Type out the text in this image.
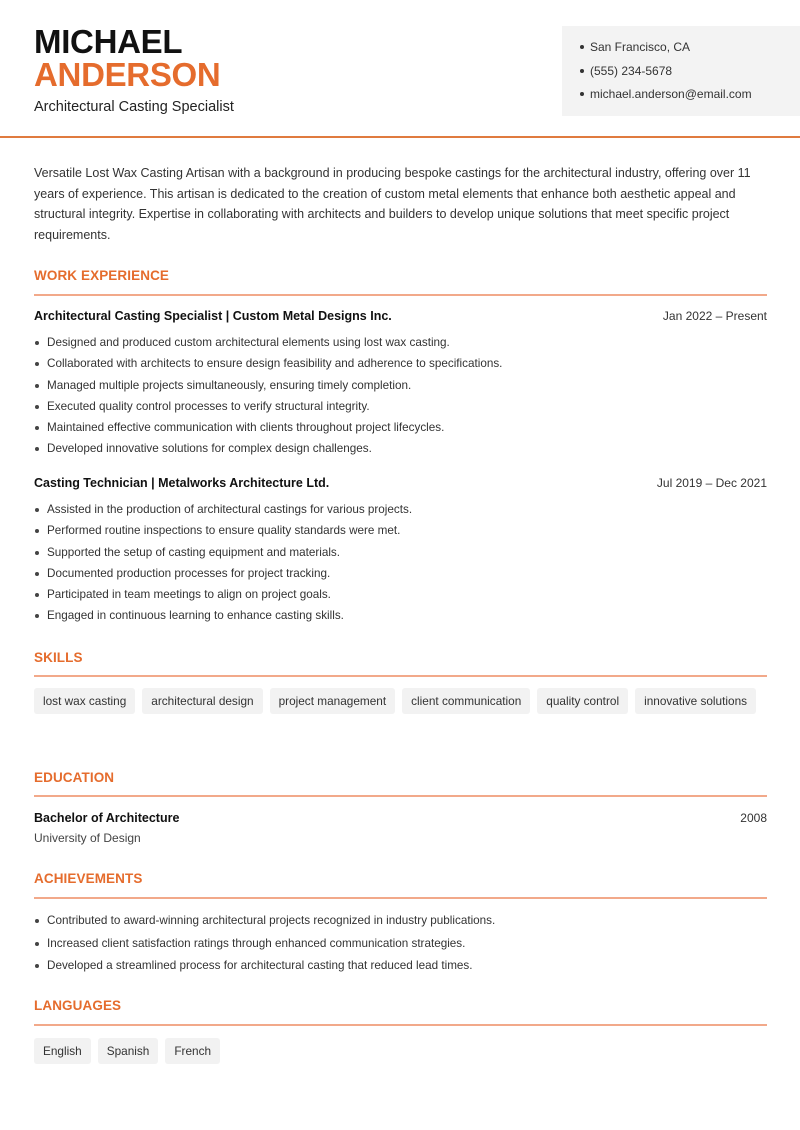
MICHAEL
ANDERSON
Architectural Casting Specialist
San Francisco, CA
(555) 234-5678
michael.anderson@email.com

Versatile Lost Wax Casting Artisan with a background in producing bespoke castings for the architectural industry, offering over 11 years of experience. This artisan is dedicated to the creation of custom metal elements that enhance both aesthetic appeal and structural integrity. Expertise in collaborating with architects and builders to develop unique solutions that meet specific project requirements.

WORK EXPERIENCE
Architectural Casting Specialist | Custom Metal Designs Inc.	Jan 2022 – Present
Designed and produced custom architectural elements using lost wax casting.
Collaborated with architects to ensure design feasibility and adherence to specifications.
Managed multiple projects simultaneously, ensuring timely completion.
Executed quality control processes to verify structural integrity.
Maintained effective communication with clients throughout project lifecycles.
Developed innovative solutions for complex design challenges.
Casting Technician | Metalworks Architecture Ltd.	Jul 2019 – Dec 2021
Assisted in the production of architectural castings for various projects.
Performed routine inspections to ensure quality standards were met.
Supported the setup of casting equipment and materials.
Documented production processes for project tracking.
Participated in team meetings to align on project goals.
Engaged in continuous learning to enhance casting skills.
SKILLS
lost wax casting	architectural design	project management	client communication	quality control	innovative solutions
EDUCATION
Bachelor of Architecture	2008
University of Design
ACHIEVEMENTS
Contributed to award-winning architectural projects recognized in industry publications.
Increased client satisfaction ratings through enhanced communication strategies.
Developed a streamlined process for architectural casting that reduced lead times.
LANGUAGES
English	Spanish	French
